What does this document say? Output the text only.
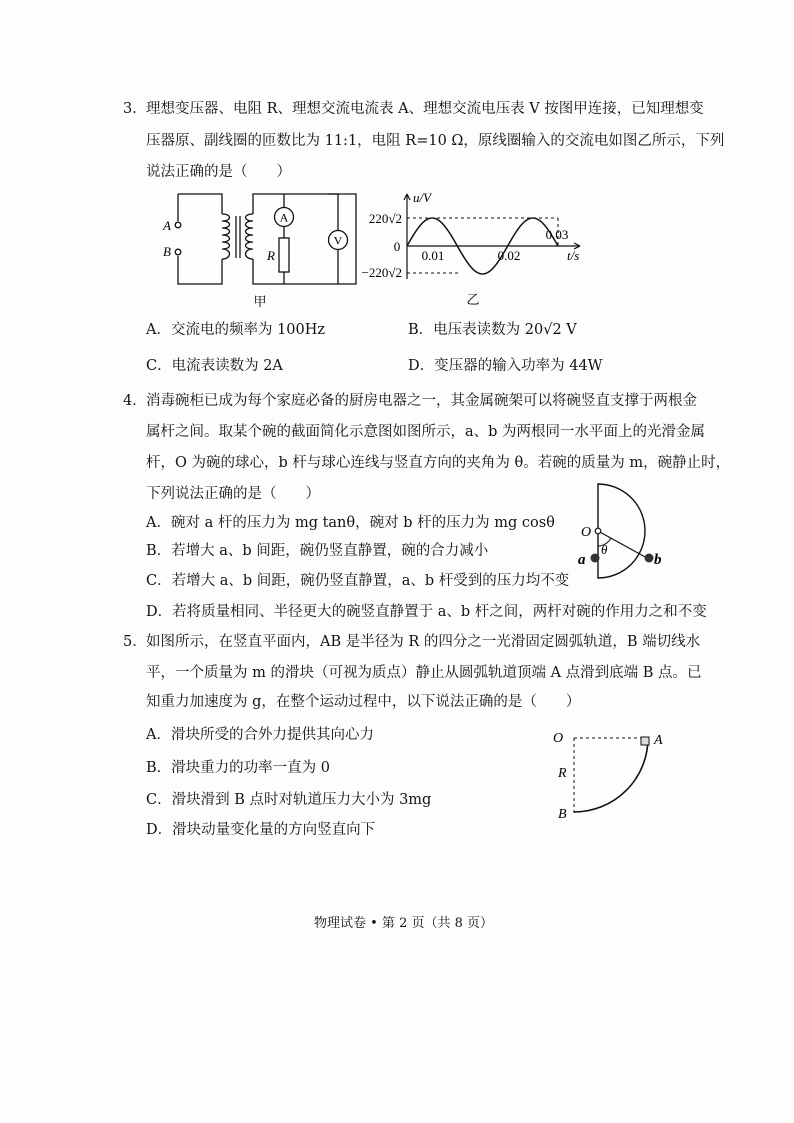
3． 理想变压器、电阻 R、理想交流电流表 A、理想交流电压表 V 按图甲连接，已知理想变
压器原、副线圈的匝数比为 11:1，电阻 R=10 Ω，原线圈输入的交流电如图乙所示，下列
说法正确的是（　　）
A
V
A
B	R
甲
u/V
t/s
0
220√2
−220√2
0.01	0.02
0.03
乙
A．交流电的频率为 100Hz	B．电压表读数为 20√2 V
C．电流表读数为 2A	D．变压器的输入功率为 44W
4． 消毒碗柜已成为每个家庭必备的厨房电器之一，其金属碗架可以将碗竖直支撑于两根金
属杆之间。取某个碗的截面简化示意图如图所示，a、b 为两根同一水平面上的光滑金属
杆，O 为碗的球心，b 杆与球心连线与竖直方向的夹角为 θ。若碗的质量为 m，碗静止时，
下列说法正确的是（　　）
O
a	b
θ
A．碗对 a 杆的压力为 mg tanθ，碗对 b 杆的压力为 mg cosθ
B．若增大 a、b 间距，碗仍竖直静置，碗的合力减小
C．若增大 a、b 间距，碗仍竖直静置，a、b 杆受到的压力均不变
D．若将质量相同、半径更大的碗竖直静置于 a、b 杆之间，两杆对碗的作用力之和不变
5． 如图所示，在竖直平面内，AB 是半径为 R 的四分之一光滑固定圆弧轨道，B 端切线水
平，一个质量为 m 的滑块（可视为质点）静止从圆弧轨道顶端 A 点滑到底端 B 点。已
知重力加速度为 g，在整个运动过程中，以下说法正确的是（　　）
O	A
B
R
A．滑块所受的合外力提供其向心力
B．滑块重力的功率一直为 0
C．滑块滑到 B 点时对轨道压力大小为 3mg
D．滑块动量变化量的方向竖直向下
物理试卷 • 第 2 页（共 8 页）
